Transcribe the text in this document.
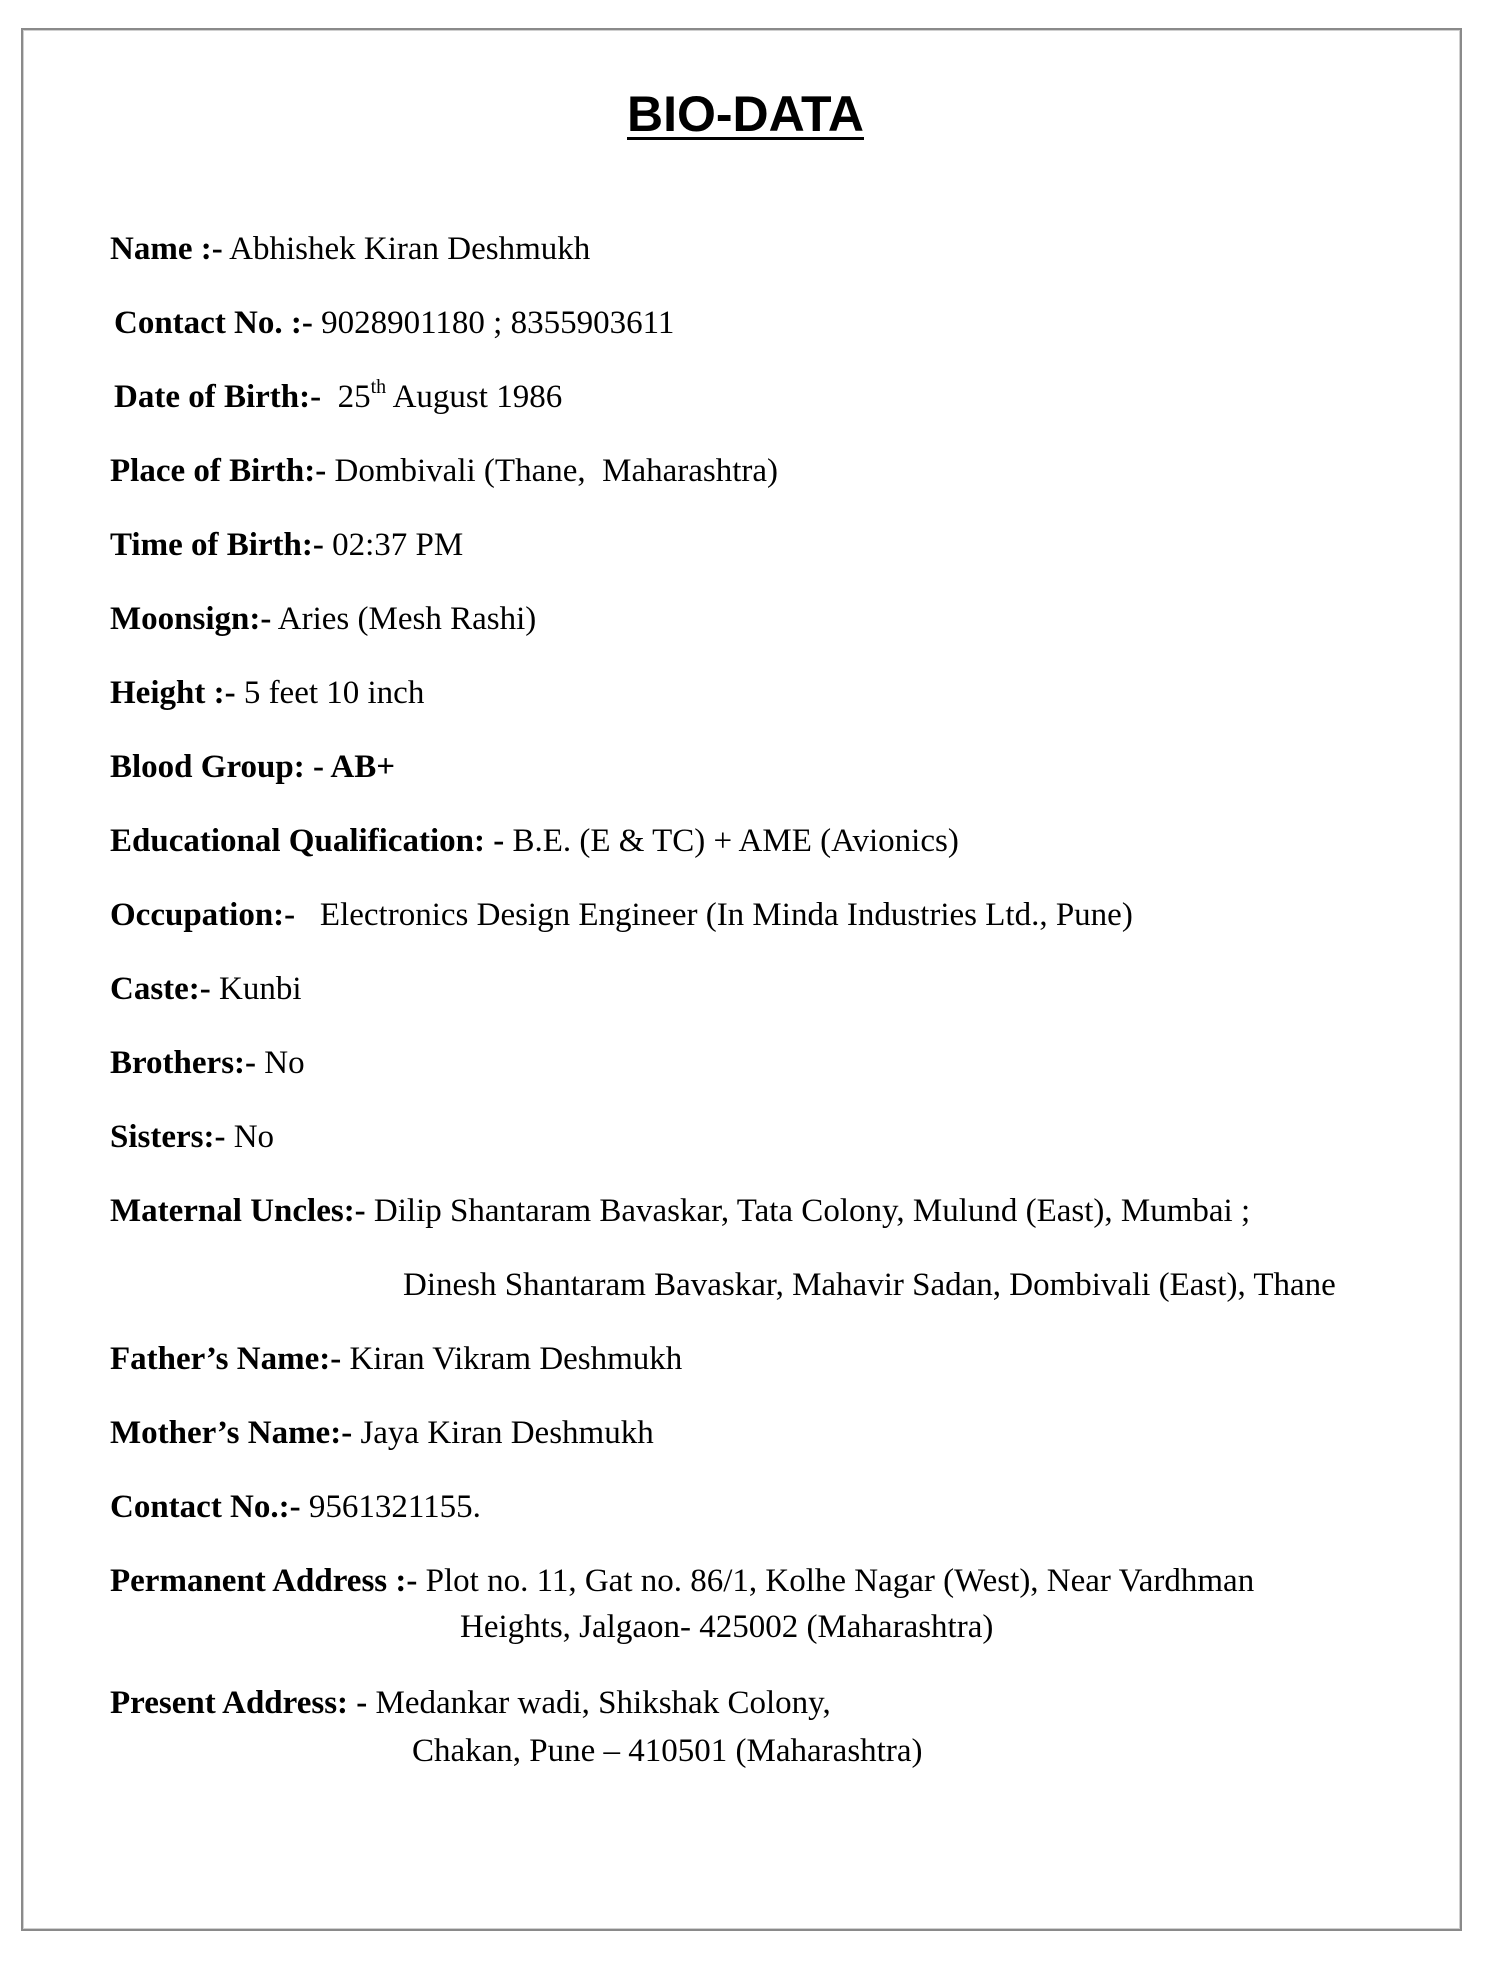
BIO-DATA
Name :- Abhishek Kiran Deshmukh
Contact No. :- 9028901180 ; 8355903611
Date of Birth:-  25th August 1986
Place of Birth:- Dombivali (Thane,  Maharashtra)
Time of Birth:- 02:37 PM
Moonsign:- Aries (Mesh Rashi)
Height :- 5 feet 10 inch
Blood Group: - AB+
Educational Qualification: - B.E. (E & TC) + AME (Avionics)
Occupation:-   Electronics Design Engineer (In Minda Industries Ltd., Pune)
Caste:- Kunbi
Brothers:- No
Sisters:- No
Maternal Uncles:- Dilip Shantaram Bavaskar, Tata Colony, Mulund (East), Mumbai ;
Dinesh Shantaram Bavaskar, Mahavir Sadan, Dombivali (East), Thane
Father’s Name:- Kiran Vikram Deshmukh
Mother’s Name:- Jaya Kiran Deshmukh
Contact No.:- 9561321155.
Permanent Address :- Plot no. 11, Gat no. 86/1, Kolhe Nagar (West), Near Vardhman
Heights, Jalgaon- 425002 (Maharashtra)
Present Address: - Medankar wadi, Shikshak Colony,
Chakan, Pune – 410501 (Maharashtra)
